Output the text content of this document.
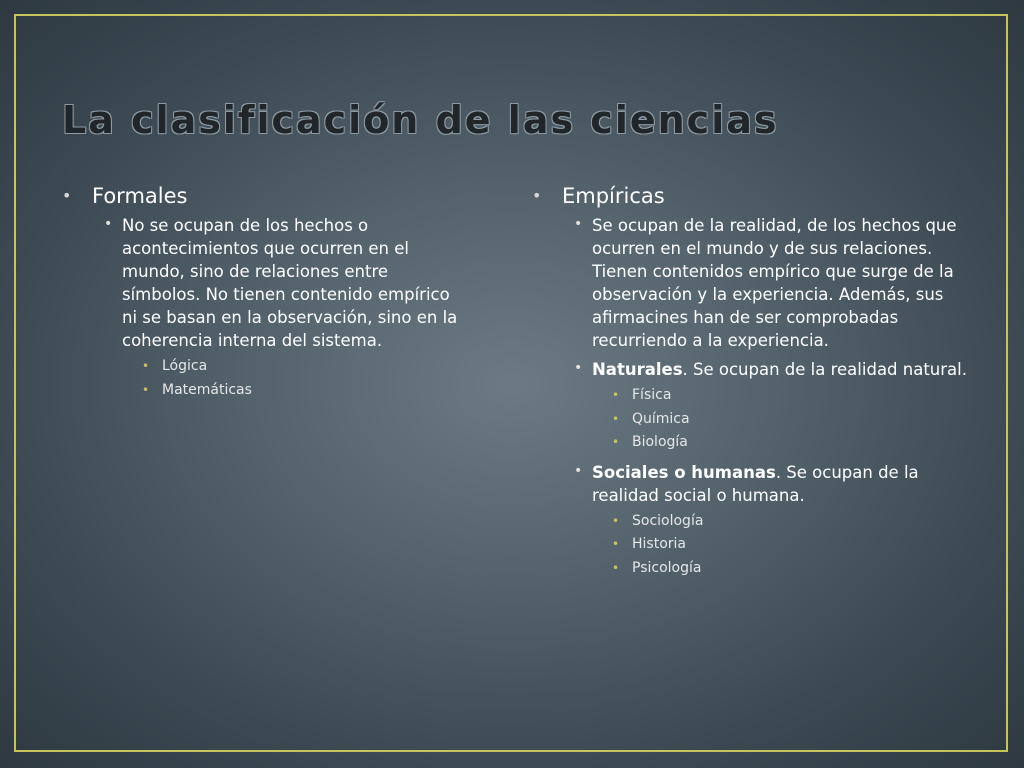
La clasificación de las ciencias
• Formales
• No se ocupan de los hechos o acontecimientos que ocurren en el mundo, sino de relaciones entre símbolos. No tienen contenido empírico ni se basan en la observación, sino en la coherencia interna del sistema.
• Lógica
• Matemáticas
• Empíricas
• Se ocupan de la realidad, de los hechos que ocurren en el mundo y de sus relaciones. Tienen contenidos empírico que surge de la observación y la experiencia. Además, sus afirmacines han de ser comprobadas recurriendo a la experiencia.
• Naturales. Se ocupan de la realidad natural.
• Física
• Química
• Biología
• Sociales o humanas. Se ocupan de la realidad social o humana.
• Sociología
• Historia
• Psicología
